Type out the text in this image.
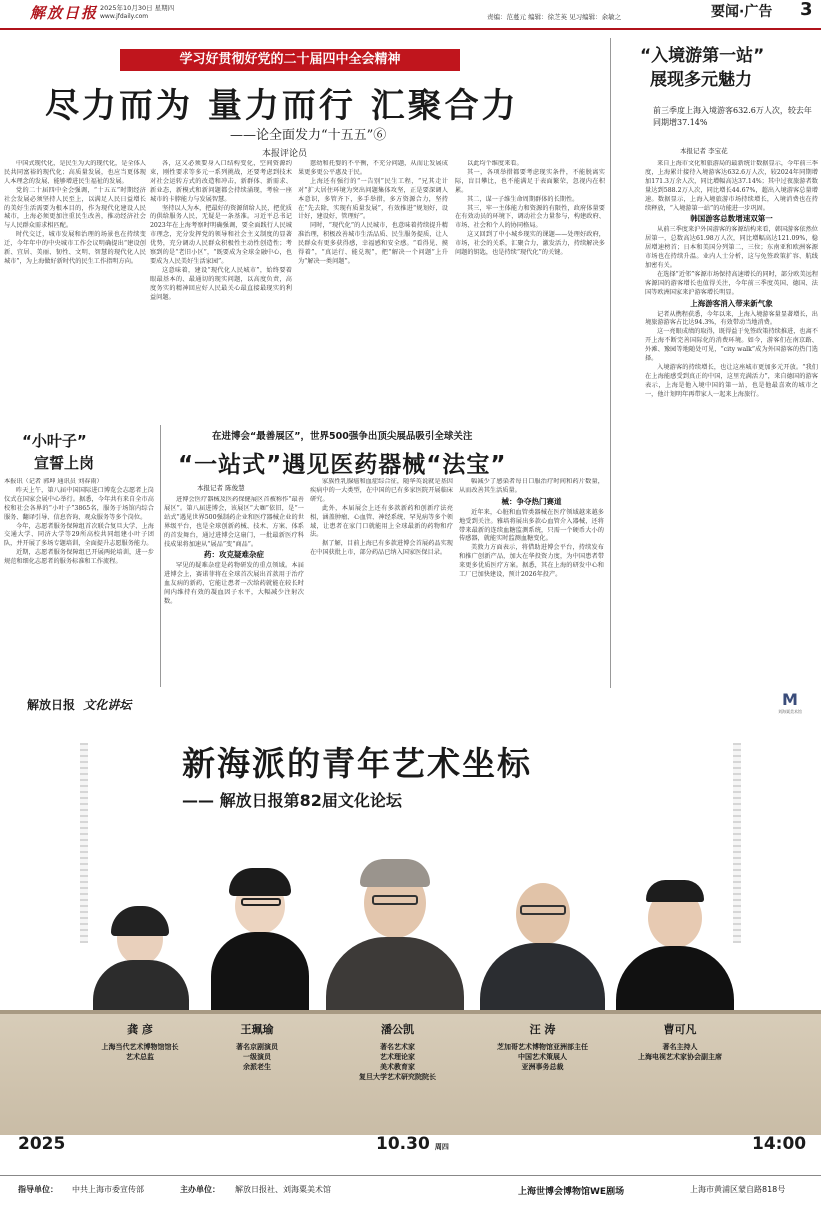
解放日报 2025年10月30日 星期四
www.jfdaily.com	责编：范蔓元 编辑：徐芝英 见习编辑：余敏之	要闻·广告 3
学习好贯彻好党的二十届四中全会精神
尽力而为 量力而行 汇聚合力
——论全面发力“十五五”⑥
本报评论员

中国式现代化，是民生为大的现代化，是全体人民共同富裕的现代化；高质量发展，也应当更体现人本理念的发展、能够增进民生福祉的发展。

党的二十届四中全会强调，“十五五”时期经济社会发展必须坚持人民至上，以满足人民日益增长的美好生活需要为根本目的，作为现代化建设人民城市，上海必须更加注重民生改善，推动经济社会与人民群众需求相匹配。

时代交迁，城市发展和治理的场景也在持续变迁，今年年中的中央城市工作会议明确提出“建设创新、宜居、美丽、韧性、文明、智慧的现代化人民城市”，为上海做好新时代的民生工作指明方向。

各，这又必须要身入口结构变化，空间资源约束，刚性要求等多元一系列挑战，还要考虑到技术对社会运转方式的改造和冲击，新群体、新需求、新业态，新模式和新问题都会持续涌现，考验一座城市的卡脖能力与发展智慧。

坚持以人为本，把最好的资源留给人民，把优质的供给服务人民，无疑是一条基准。习近平总书记2023年在上海考察时明确强调，要全面践行人民城市理念，充分发挥党的领导和社会主义制度的显著优势，充分调动人民群众积极性主动性创造性；考察到的是“老旧小区”，“既要成为全球金融中心，也要成为人民美好生活家园”。

这意味着，建设“现代化人民城市”，始终要着眼最基本的、最通切的现实问题，以高度负责，高度务实的精神回应好人民最关心最直接最现实的利益问题。

慈幼和托婴的不平衡，不充分问题，从而让发展成果更多更公平惠及于民。

上海还有强行的“一告别”民生工程，“兄其走计对”扩大居住环境为突出问题集体攻坚，正是要深调人本意识，多管齐下，多手举措，多方资源合力，坚持在“先去除，实现有质量发展”，有效推进“规划好，设计好，建设好，管理好”。

同时，“现代化”的人民城市，也意味着持续提升精准治理，积极改善城市生活品质、民生服务提质，让人民群众有更多获得感，幸福感和安全感。“看得见、摸得着”，“真运行、能兑现”，把“解决一个问题”上升为“解决一类问题”。

以此均个维度来看。

其一，各项举措都要考虑现实条件，不能脱离实际，盲目攀比，也不能满足于表面繁荣，忽视内在积累。

其二，谋一子维生命周期群体的长期性。

其三，牢一主体能力和资源的有限性，政府体量要在有效动员的环境下，调动社会力量参与，构建政府、市场、社会和个人的协同格局。

这又回到了中小城乡现实的课题——处理好政府，市场，社会的关系，汇聚合力，激发活力，持续解决多问题的钥匙，也是持续“现代化”的关键。

“入境游第一站”
展现多元魅力
前三季度上海入境游客632.6万人次，较去年同期增37.14%
本报记者 李宝花

来自上海市文化和旅游局的最新统计数据显示，今年前三季度，上海累计接待入境游客达632.6万人次，较2024年同期增加171.3万余人次，同比增幅高达37.14%；其中过夜旅游者数量达到588.2万人次，同比增长44.67%，超出入境游客总量增速。数据显示，上海入境旅游市场持续增长，入境消费也在持续释放，“入境游第一站”的功能进一步巩固。

韩国游客总数增速双第一

从前三季度来沪外国游客的客源结构来看，韩国游客依然位居第一，总数高达61.98万人次，同比增幅高达121.09%，稳居增速榜首；日本和美国分列第二，三位；东南亚和欧洲客源市场也在持续升温。业内人士分析，这与免签政策扩容、航线加密有关。

在选择“近邻”客源市场保持高速增长的同时，部分欧美远程客源国的游客增长也值得关注，今年前三季度英国、德国、法国等欧洲国家来沪游客增长明显。

上海游客消入带来新气象

记者从携程获悉，今年以来，上海入境游客量显著增长，出境旅游游客占比达94.3%，有效带动当地消费。

这一亮眼成绩的取得，既得益于免签政策持续推进，也离不开上海不断完善国际化的消费环境。如今，游客们在南京路、外滩、豫园等地随处可见，“city walk”成为外国游客的热门选择。

入境游客的持续增长，也让这座城市更加多元开放。“我们在上海能感受到真正的中国，这里充满活力”，来自德国的游客表示，上海是他入境中国的第一站，也是他最喜欢的城市之一，他计划明年再带家人一起来上海旅行。

“小叶子”
宣誓上岗

本报讯（记者 郭坤 通讯员 刘春雨）

昨天上午，第八届中国国际进口博览会志愿者上岗仪式在国家会展中心举行。据悉，今年共有来自全市高校和社会各界的“小叶子”3865名，服务于场馆内综合服务、翻译引导、信息咨询、观众服务等多个岗位。

今年，志愿者服务保障组首次联合复旦大学、上海交通大学、同济大学等29所高校共同组建小叶子团队，并开展了多场专题培训，全面提升志愿服务能力。

近期，志愿者服务保障组已开展两轮培训，进一步规范和细化志愿者的服务标准和工作流程。

在进博会“最善展区”，世界500强争出顶尖展品吸引全球关注
“一站式”遇见医药器械“法宝”
本报记者 陈俊慧

进博会医疗器械及医药保健展区首被称作“最善展区”。第八届进博会，该展区“大咖”依旧，是“一站式”遇见世界500强制药企业和医疗器械企业的世界级平台，也是全球创新药械、技术、方案、体系的首发舞台，通过进博会这扇门，一批最新医疗科技成果将加速从“展品”变“商品”。

药：攻克疑难杂症

罕见的疑难杂症是药物研发的重点领域。本届进博会上，赛诺菲将在全球首次展出首款用于治疗血友病的新药，它能让患者一次给药就能在较长时间内维持有效的凝血因子水平，大幅减少注射次数。

家族性乳腺癌和血症综合征，随华英说就是基因疾病中的一大类型，在中国的已有多家医院开展临床研究。

此外，本届展会上还有多款新药和创新疗法亮相，涵盖肿瘤、心血管、神经系统、罕见病等多个领域，让患者在家门口就能用上全球最新的药物和疗法。

据了解，目前上海已有多款进博会首展药品实现在中国获批上市，部分药品已纳入国家医保目录。

幅减少了感染者每日口服治疗时间和药片数量，从而改善其生活质量。

械：争夺热门赛道

近年来，心脏和血管类器械在医疗领域越来越多地受到关注。雅培将展出多款心血管介入器械，还将带来最新的连续血糖监测系统，只需一个硬币大小的传感器，就能实时监测血糖变化。

美敦力方面表示，将借助进博会平台，持续发布和推广创新产品，加大在华投资力度，为中国患者带来更多优质医疗方案。据悉，其在上海的研发中心和工厂已加快建设，预计2026年投产。

解放日报 文化讲坛	M
刘海粟美术馆
新海派的青年艺术坐标
—— 解放日报第82届文化论坛
龚 彦
上海当代艺术博物馆馆长
艺术总监
王珮瑜
著名京剧演员
一级演员
余派老生
潘公凯
著名艺术家
艺术理论家
美术教育家
复旦大学艺术研究院院长
汪 涛
芝加哥艺术博物馆亚洲部主任
中国艺术策展人
亚洲事务总裁
曹可凡
著名主持人
上海电视艺术家协会副主席
2025	10.30 周四	14:00
指导单位： 中共上海市委宣传部	主办单位： 解放日报社、刘海粟美术馆	上海世博会博物馆WE剧场	上海市黄浦区蒙自路818号
